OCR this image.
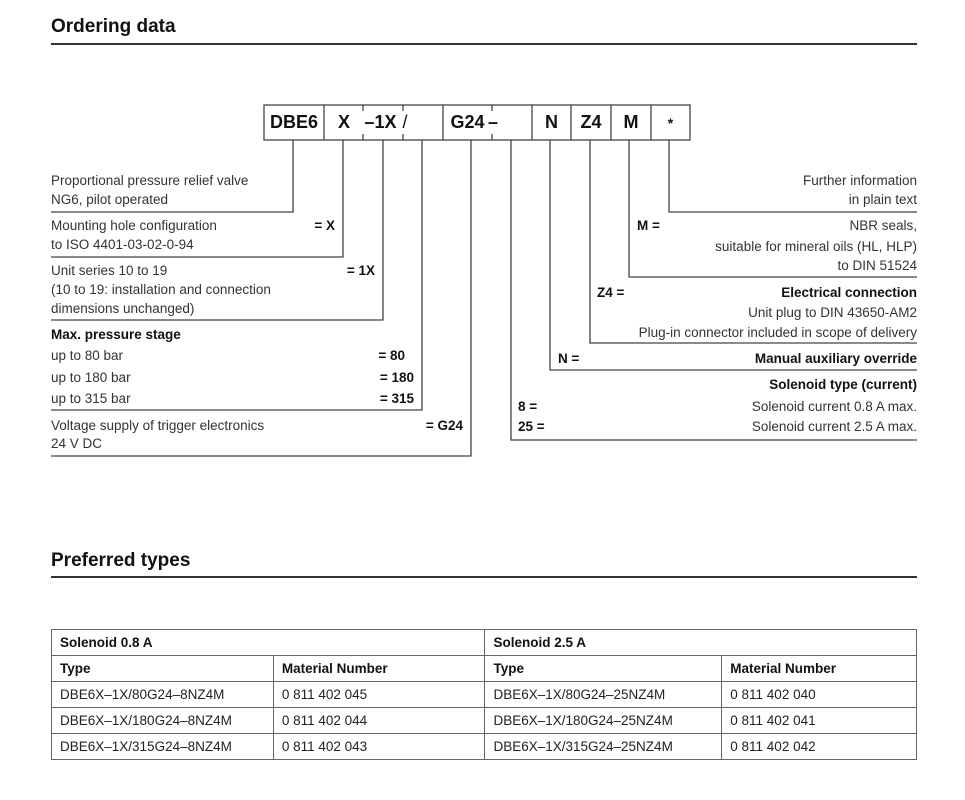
Ordering data
DBE6	X –1X /	G24 –	N	Z4	M	*
Proportional pressure relief valve
NG6, pilot operated
Mounting hole configuration
to ISO 4401-03-02-0-94
= X
Unit series 10 to 19
(10 to 19: installation and connection
dimensions unchanged)
= 1X
Max. pressure stage
up to 80 bar	= 80
up to 180 bar	= 180
up to 315 bar	= 315
Voltage supply of trigger electronics
24 V DC
= G24
Further information
in plain text
M =	NBR seals,
suitable for mineral oils (HL, HLP)
to DIN 51524
Z4 =	Electrical connection
Unit plug to DIN 43650-AM2
Plug-in connector included in scope of delivery
N =	Manual auxiliary override
Solenoid type (current)
8 =	Solenoid current 0.8 A max.
25 =	Solenoid current 2.5 A max.
Preferred types
Solenoid 0.8 A		Solenoid 2.5 A	
Type	Material Number	Type	Material Number
DBE6X–1X/80G24–8NZ4M	0 811 402 045	DBE6X–1X/80G24–25NZ4M	0 811 402 040
DBE6X–1X/180G24–8NZ4M	0 811 402 044	DBE6X–1X/180G24–25NZ4M	0 811 402 041
DBE6X–1X/315G24–8NZ4M	0 811 402 043	DBE6X–1X/315G24–25NZ4M	0 811 402 042
